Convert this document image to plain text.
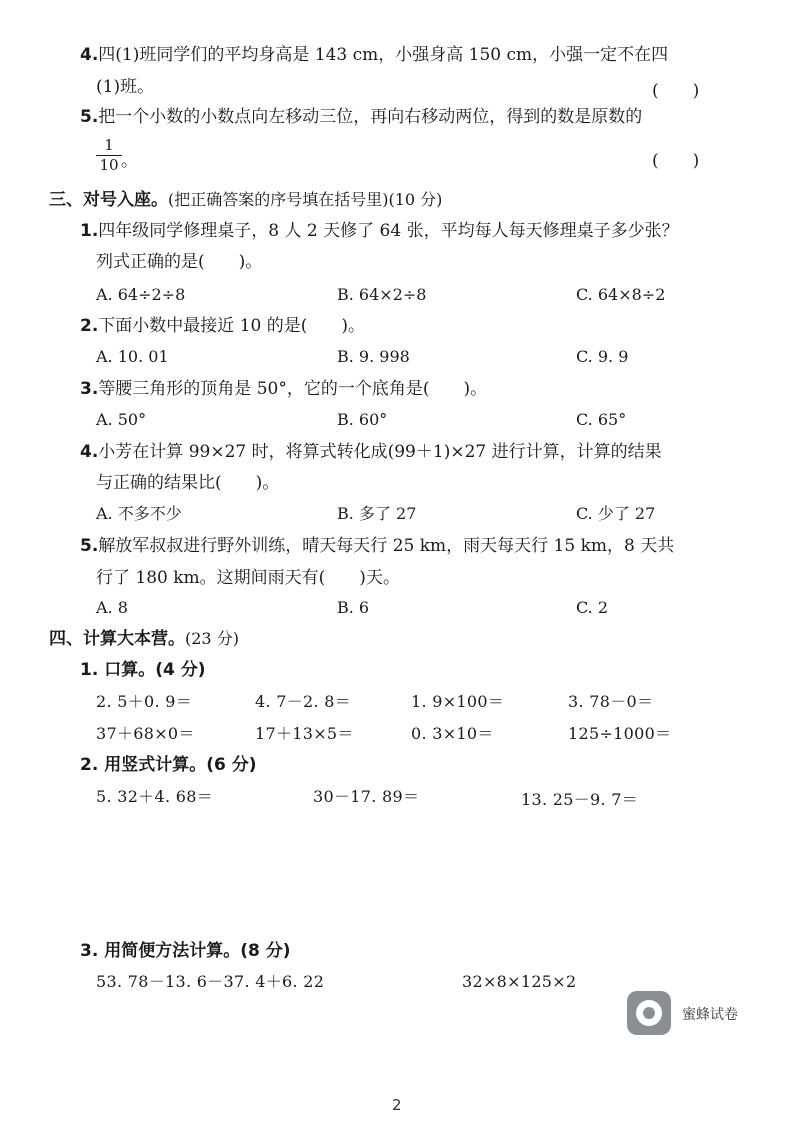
4.四(1)班同学们的平均身高是 143 cm，小强身高 150 cm，小强一定不在四
(1)班。	(　　)
5.把一个小数的小数点向左移动三位，再向右移动两位，得到的数是原数的
$\frac{1}{10}$ 。	(　　)
三、对号入座。(把正确答案的序号填在括号里)(10 分)
1.四年级同学修理桌子，8 人 2 天修了 64 张，平均每人每天修理桌子多少张？
列式正确的是(　　)。
A. 64÷2÷8	B. 64×2÷8	C. 64×8÷2
2.下面小数中最接近 10 的是(　　)。
A. 10. 01	B. 9. 998	C. 9. 9
3.等腰三角形的顶角是 50°，它的一个底角是(　　)。
A. 50°	B. 60°	C. 65°
4.小芳在计算 99×27 时，将算式转化成(99＋1)×27 进行计算，计算的结果
与正确的结果比(　　)。
A. 不多不少	B. 多了 27	C. 少了 27
5.解放军叔叔进行野外训练，晴天每天行 25 km，雨天每天行 15 km，8 天共
行了 180 km。这期间雨天有(　　)天。
A. 8	B. 6	C. 2
四、计算大本营。(23 分)
1. 口算。(4 分)
2. 5＋0. 9＝	4. 7－2. 8＝	1. 9×100＝	3. 78－0＝
37＋68×0＝	17＋13×5＝	0. 3×10＝	125÷1000＝
2. 用竖式计算。(6 分)
5. 32＋4. 68＝	30－17. 89＝	13. 25－9. 7＝
3. 用简便方法计算。(8 分)
53. 78－13. 6－37. 4＋6. 22	32×8×125×2
蜜蜂试卷
2
